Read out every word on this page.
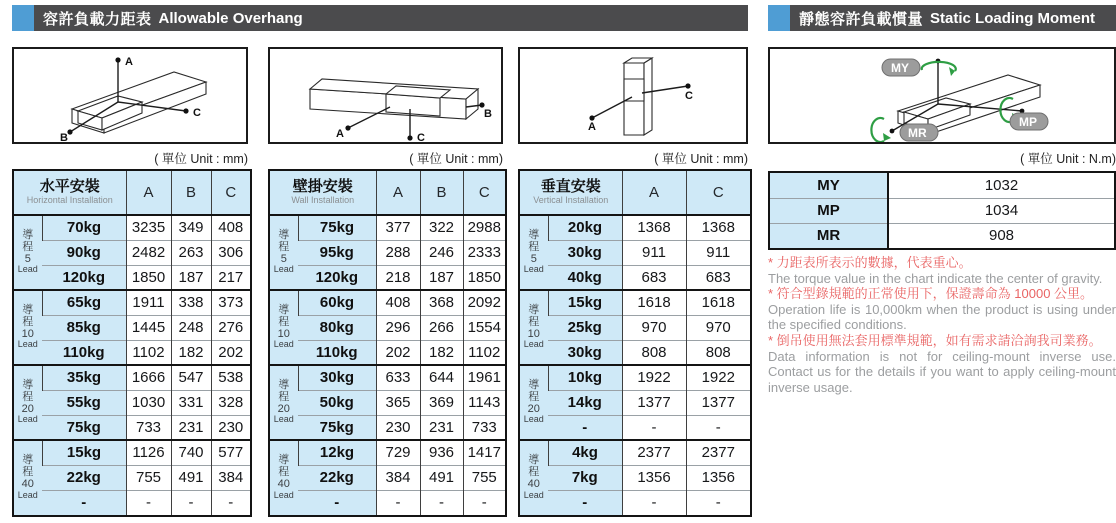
容許負載力距表 Allowable Overhang	靜態容許負載慣量 Static Loading Moment
A
B
C
A
B
C
C
A
MY
MP
MR
( 單位 Unit : mm)	( 單位 Unit : mm)	( 單位 Unit : mm)	( 單位 Unit : N.m)
水平安裝
Horizontal Installation		A	B	C

導
程
5
Lead	70kg	3235	349	408
	90kg	2482	263	306
	120kg	1850	187	217

導
程
10
Lead	65kg	1911	338	373
	85kg	1445	248	276
	110kg	1102	182	202

導
程
20
Lead	35kg	1666	547	538
	55kg	1030	331	328
	75kg	733	231	230

導
程
40
Lead	15kg	1126	740	577
	22kg	755	491	384
	-	-	-	-
壁掛安裝
Wall Installation		A	B	C

導
程
5
Lead	75kg	377	322	2988
	95kg	288	246	2333
	120kg	218	187	1850

導
程
10
Lead	60kg	408	368	2092
	80kg	296	266	1554
	110kg	202	182	1102

導
程
20
Lead	30kg	633	644	1961
	50kg	365	369	1143
	75kg	230	231	733

導
程
40
Lead	12kg	729	936	1417
	22kg	384	491	755
	-	-	-	-
垂直安裝
Vertical Installation		A	C

導
程
5
Lead	20kg	1368	1368
	30kg	911	911
	40kg	683	683

導
程
10
Lead	15kg	1618	1618
	25kg	970	970
	30kg	808	808

導
程
20
Lead	10kg	1922	1922
	14kg	1377	1377
	-	-	-

導
程
40
Lead	4kg	2377	2377
	7kg	1356	1356
	-	-	-
MY	1032
MP	1034
MR	908

* 力距表所表示的數據，代表重心。

The torque value in the chart indicate the center of gravity.

* 符合型錄規範的正常使用下，保證壽命為 10000 公里。

Operation life is 10,000km when the product is using under the specified conditions.

* 倒吊使用無法套用標準規範，如有需求請洽詢我司業務。

Data information is not for ceiling-mount inverse use. Contact us for the details if you want to apply ceiling-mount inverse usage.
